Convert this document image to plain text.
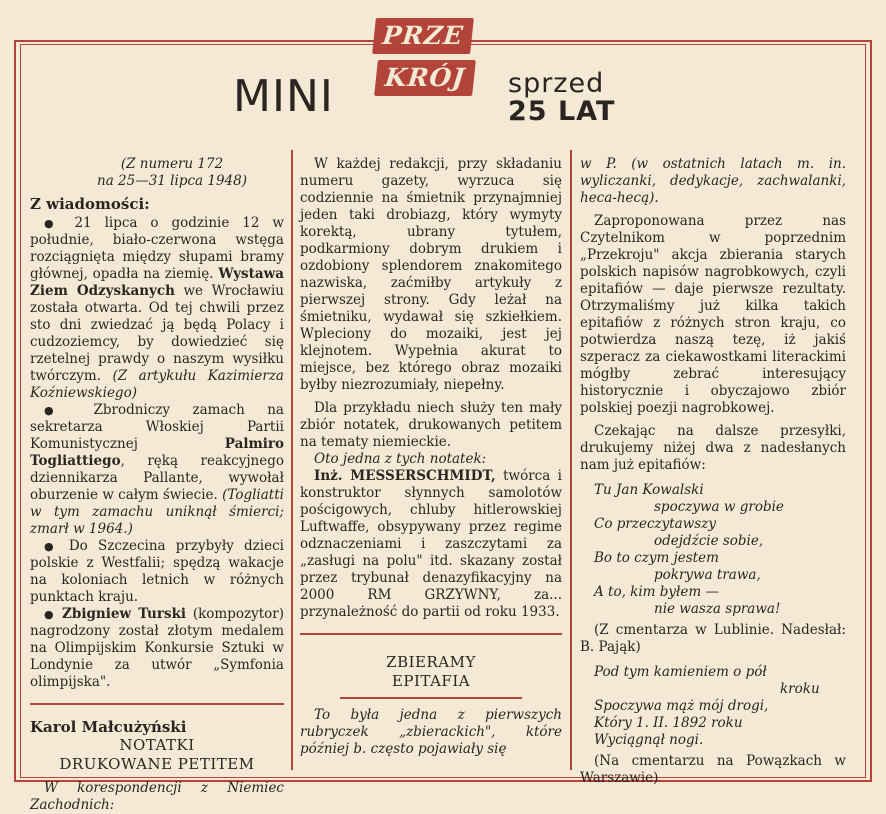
PRZE
KRÓJ
MINI	sprzed
25 LAT

(Z numeru 172

na 25—31 lipca 1948)

Z wiadomości:

● 21 lipca o godzinie 12 w południe, biało-czerwona wstęga rozciągnięta między słupami bramy głównej, opadła na ziemię. Wystawa Ziem Odzyskanych we Wrocławiu została otwarta. Od tej chwili przez sto dni zwiedzać ją będą Polacy i cudzoziemcy, by dowiedzieć się rzetelnej prawdy o naszym wysiłku twórczym. (Z artykułu Kazimierza Koźniewskiego)

● Zbrodniczy zamach na sekretarza Włoskiej Partii Komunistycznej	Palmiro Togliattiego, ręką reakcyjnego dziennikarza Pallante, wywołał oburzenie w całym świecie. (Togliatti w tym zamachu uniknął śmierci; zmarł w 1964.)

● Do Szczecina przybyły dzieci polskie z Westfalii; spędzą wakacje na koloniach letnich w różnych punktach kraju.

● Zbigniew Turski (kompozytor) nagrodzony został złotym medalem na Olimpijskim Konkursie Sztuki w Londynie za utwór „Symfonia olimpijska".

Karol Małcużyński

NOTATKI

DRUKOWANE PETITEM

W korespondencji z Niemiec Zachodnich:

W każdej redakcji, przy składaniu numeru gazety, wyrzuca się codziennie na śmietnik przynajmniej jeden taki drobiazg, który wymyty korektą, ubrany tytułem, podkarmiony dobrym drukiem i ozdobiony splendorem znakomitego nazwiska, zaćmiłby artykuły z pierwszej strony. Gdy leżał na śmietniku, wydawał się szkiełkiem. Wpleciony do mozaiki, jest jej klejnotem. Wypełnia akurat to miejsce, bez którego obraz mozaiki byłby niezrozumiały, niepełny.

Dla przykładu niech służy ten mały zbiór notatek, drukowanych petitem na tematy niemieckie.

Oto jedna z tych notatek:

Inż. MESSERSCHMIDT, twórca i konstruktor słynnych samolotów pościgowych, chluby hitlerowskiej Luftwaffe, obsypywany przez regime odznaczeniami i zaszczytami za „zasługi na polu" itd. skazany został przez trybunał denazyfikacyjny na 2000 RM GRZYWNY, za... przynależność do partii od roku 1933.

ZBIERAMY

EPITAFIA

To była jedna z pierwszych rubryczek „zbierackich", które później b. często pojawiały się

w P. (w ostatnich latach m. in. wyliczanki, dedykacje, zachwalanki, heca-hecą).

Zaproponowana przez nas Czytelnikom w poprzednim „Przekroju" akcja zbierania starych polskich napisów nagrobkowych, czyli epitafiów — daje pierwsze rezultaty. Otrzymaliśmy już kilka takich epitafiów z różnych stron kraju, co potwierdza naszą tezę, iż jakiś szperacz za ciekawostkami literackimi mógłby zebrać interesujący historycznie i obyczajowo zbiór polskiej poezji nagrobkowej.

Czekając na dalsze przesyłki, drukujemy niżej dwa z nadesłanych nam już epitafiów:

Tu Jan Kowalski
spoczywa w grobie
Co przeczytawszy
odejdźcie sobie,
Bo to czym jestem
pokrywa trawa,
A to, kim byłem —
nie wasza sprawa!

(Z cmentarza w Lublinie. Nadesłał: B. Pająk)

Pod tym kamieniem o pół
kroku
Spoczywa mąż mój drogi,
Który 1. II. 1892 roku
Wyciągnął nogi.

(Na cmentarzu na Powązkach w Warszawie)
